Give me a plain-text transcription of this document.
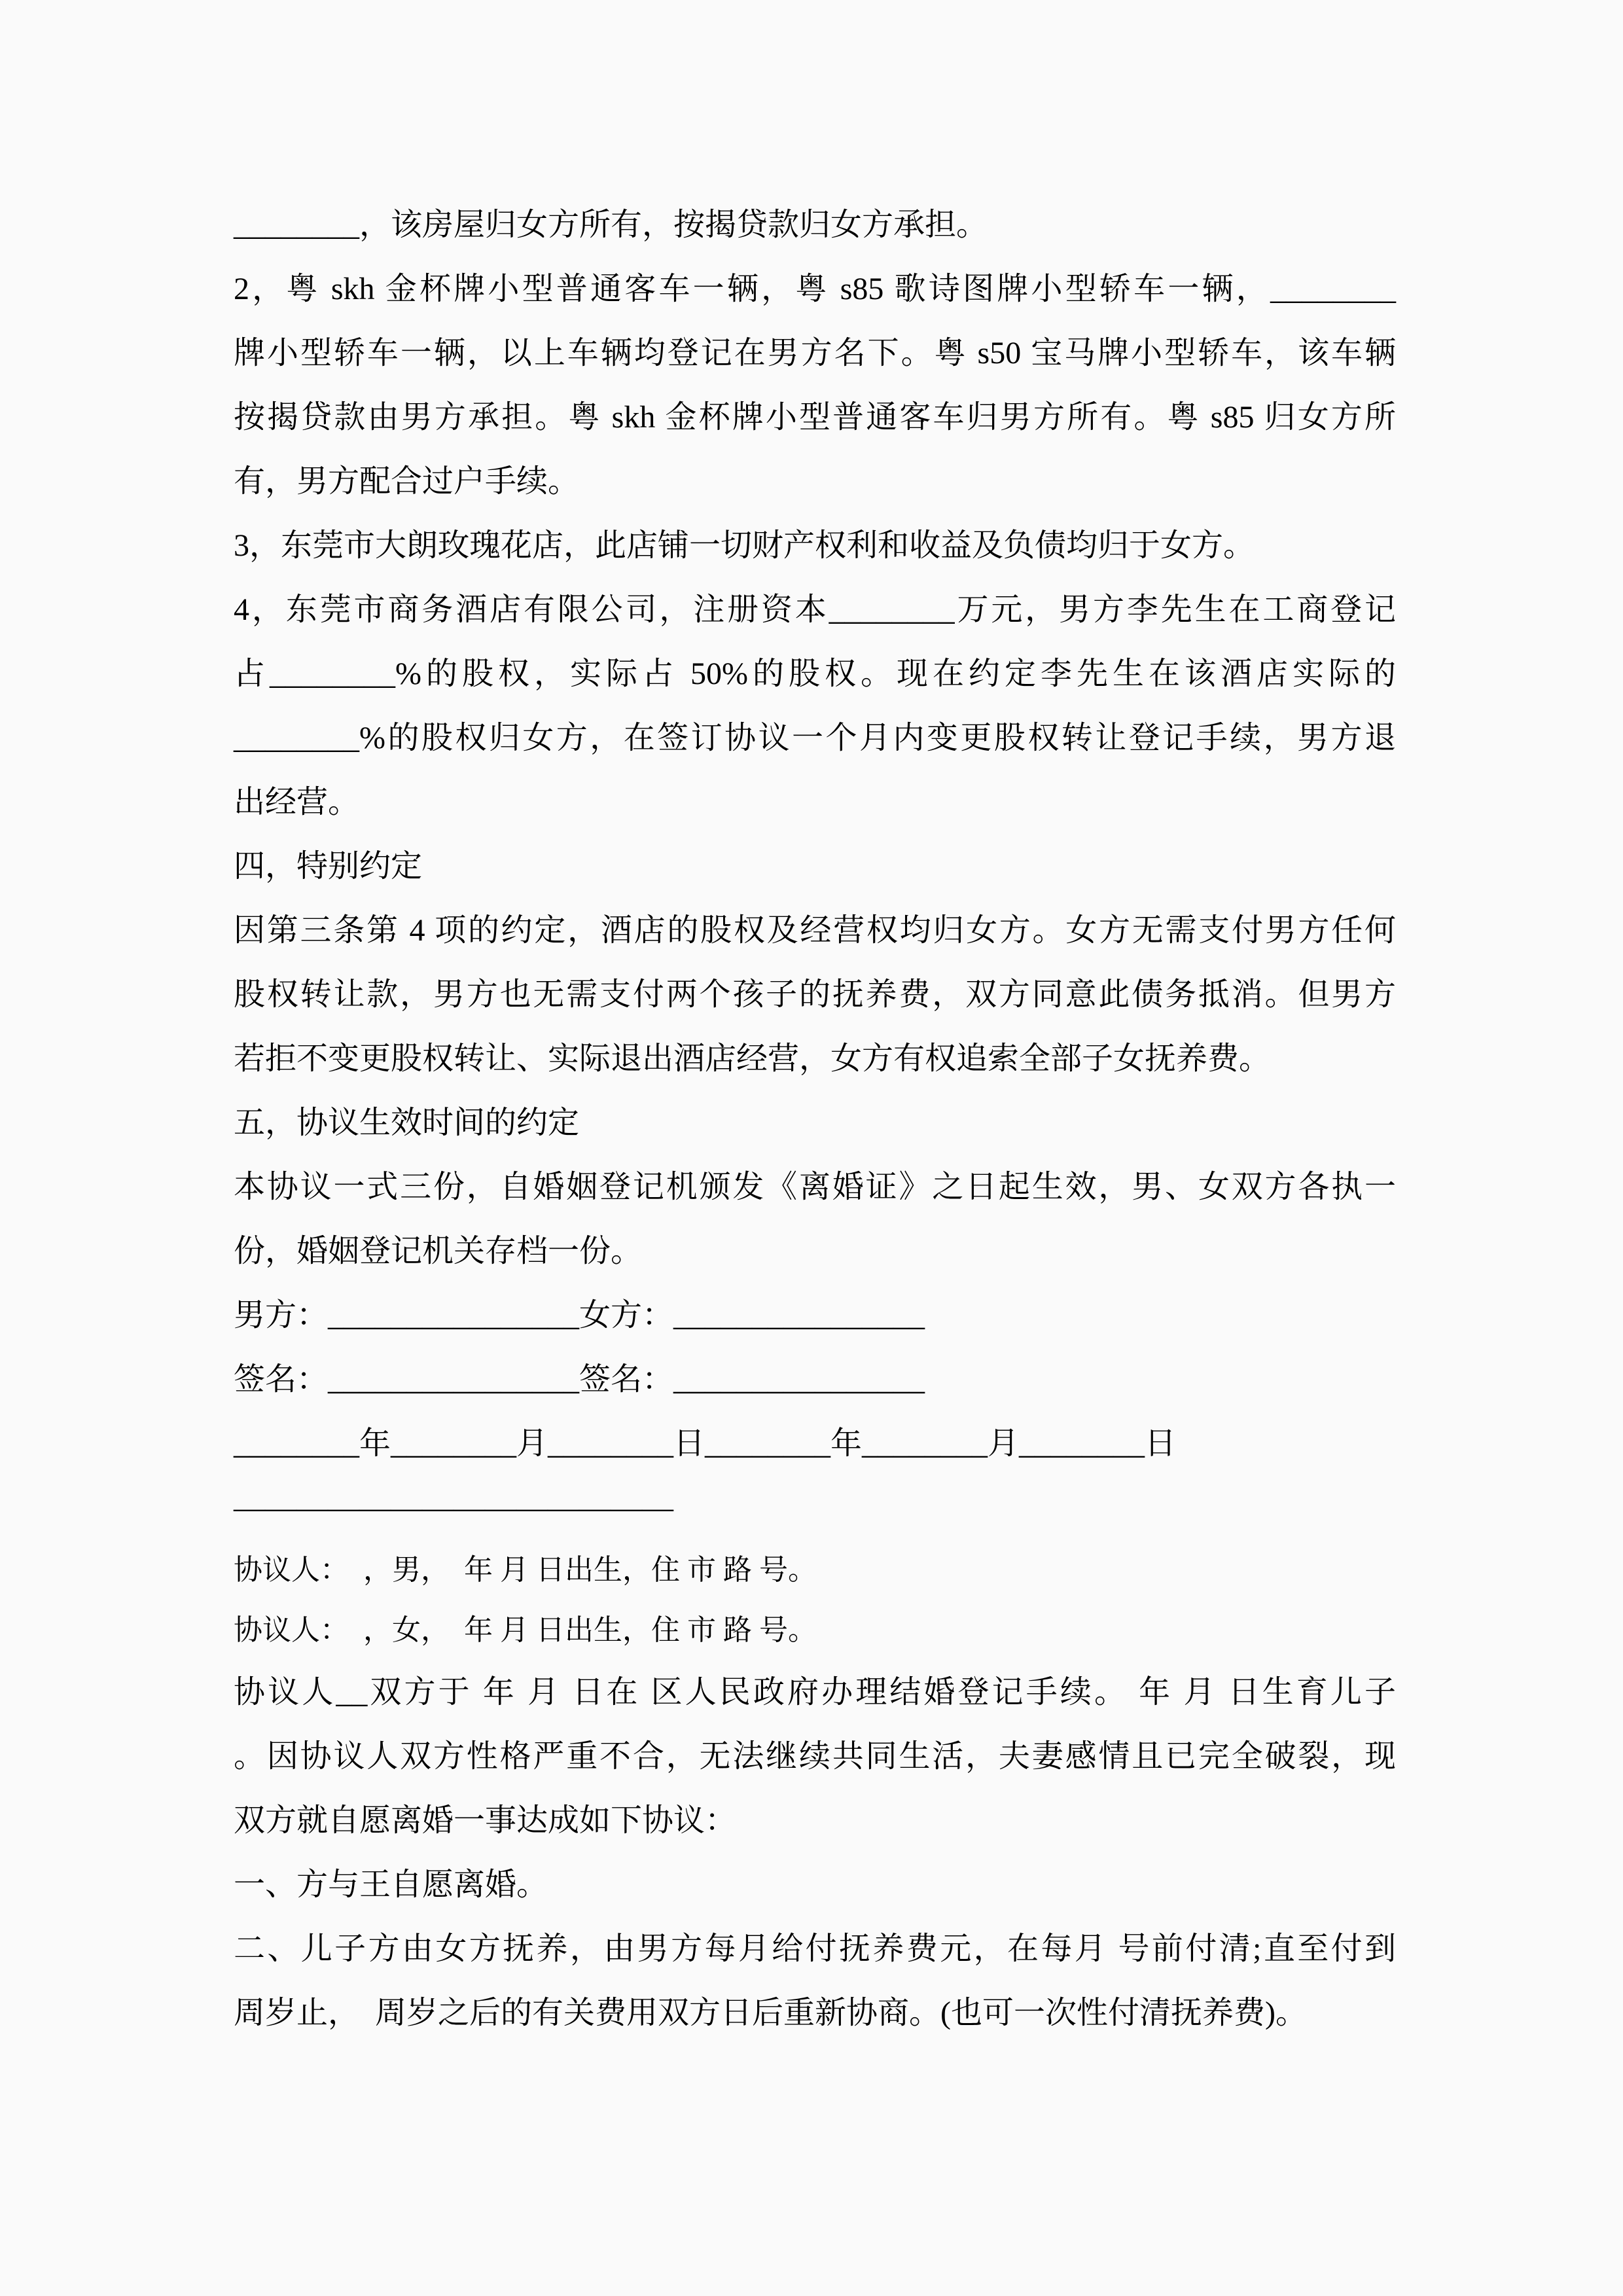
________，该房屋归女方所有，按揭贷款归女方承担。
2，粤 skh 金杯牌小型普通客车一辆，粤 s85 歌诗图牌小型轿车一辆，________
牌小型轿车一辆，以上车辆均登记在男方名下。粤 s50 宝马牌小型轿车，该车辆
按揭贷款由男方承担。粤 skh 金杯牌小型普通客车归男方所有。粤 s85 归女方所
有，男方配合过户手续。
3，东莞市大朗玫瑰花店，此店铺一切财产权利和收益及负债均归于女方。
4，东莞市商务酒店有限公司，注册资本________万元，男方李先生在工商登记
占________%的股权，实际占 50%的股权。现在约定李先生在该酒店实际的
________%的股权归女方，在签订协议一个月内变更股权转让登记手续，男方退
出经营。
四，特别约定
因第三条第 4 项的约定，酒店的股权及经营权均归女方。女方无需支付男方任何
股权转让款，男方也无需支付两个孩子的抚养费，双方同意此债务抵消。但男方
若拒不变更股权转让、实际退出酒店经营，女方有权追索全部子女抚养费。
五，协议生效时间的约定
本协议一式三份，自婚姻登记机颁发《离婚证》之日起生效，男、女双方各执一
份，婚姻登记机关存档一份。
男方：________________女方：________________
签名：________________签名：________________
________年________月________日________年________月________日
——————————————
协议人：  ，男，  年 月 日出生，住 市 路 号。
协议人：  ，女，  年 月 日出生，住 市 路 号。
协议人__双方于 年 月 日在 区人民政府办理结婚登记手续。 年 月 日生育儿子
。因协议人双方性格严重不合，无法继续共同生活，夫妻感情且已完全破裂，现
双方就自愿离婚一事达成如下协议：
一、方与王自愿离婚。
二、儿子方由女方抚养，由男方每月给付抚养费元，在每月 号前付清;直至付到
周岁止，  周岁之后的有关费用双方日后重新协商。(也可一次性付清抚养费)。
